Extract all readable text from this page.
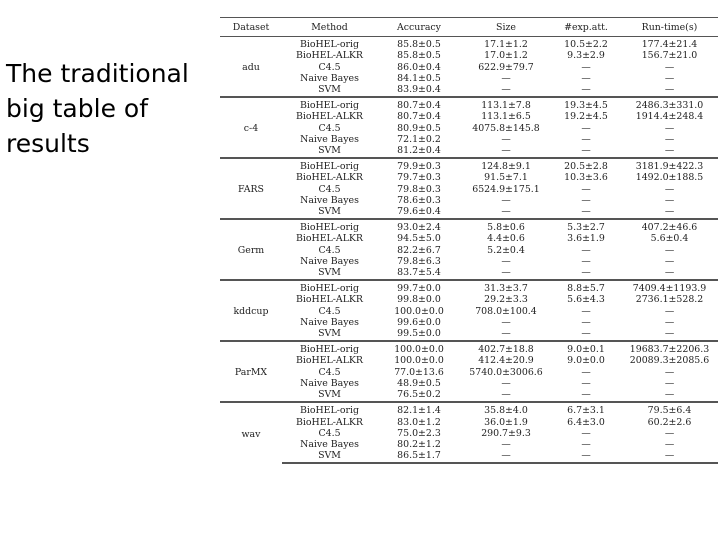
The traditional
big table of
results
Dataset	Method	Accuracy	Size	#exp.att.	Run-time(s)
adu	BioHEL-orig	85.8±0.5	17.1±1.2	10.5±2.2	177.4±21.4
	BioHEL-ALKR	85.8±0.5	17.0±1.2	9.3±2.9	156.7±21.0
	C4.5	86.0±0.4	622.9±79.7	—	—
	Naive Bayes	84.1±0.5	—	—	—
	SVM	83.9±0.4	—	—	—
c-4	BioHEL-orig	80.7±0.4	113.1±7.8	19.3±4.5	2486.3±331.0
	BioHEL-ALKR	80.7±0.4	113.1±6.5	19.2±4.5	1914.4±248.4
	C4.5	80.9±0.5	4075.8±145.8	—	—
	Naive Bayes	72.1±0.2	—	—	—
	SVM	81.2±0.4	—	—	—
FARS	BioHEL-orig	79.9±0.3	124.8±9.1	20.5±2.8	3181.9±422.3
	BioHEL-ALKR	79.7±0.3	91.5±7.1	10.3±3.6	1492.0±188.5
	C4.5	79.8±0.3	6524.9±175.1	—	—
	Naive Bayes	78.6±0.3	—	—	—
	SVM	79.6±0.4	—	—	—
Germ	BioHEL-orig	93.0±2.4	5.8±0.6	5.3±2.7	407.2±46.6
	BioHEL-ALKR	94.5±5.0	4.4±0.6	3.6±1.9	5.6±0.4
	C4.5	82.2±6.7	5.2±0.4	—	—
	Naive Bayes	79.8±6.3	—	—	—
	SVM	83.7±5.4	—	—	—
kddcup	BioHEL-orig	99.7±0.0	31.3±3.7	8.8±5.7	7409.4±1193.9
	BioHEL-ALKR	99.8±0.0	29.2±3.3	5.6±4.3	2736.1±528.2
	C4.5	100.0±0.0	708.0±100.4	—	—
	Naive Bayes	99.6±0.0	—	—	—
	SVM	99.5±0.0	—	—	—
ParMX	BioHEL-orig	100.0±0.0	402.7±18.8	9.0±0.1	19683.7±2206.3
	BioHEL-ALKR	100.0±0.0	412.4±20.9	9.0±0.0	20089.3±2085.6
	C4.5	77.0±13.6	5740.0±3006.6	—	—
	Naive Bayes	48.9±0.5	—	—	—
	SVM	76.5±0.2	—	—	—
wav	BioHEL-orig	82.1±1.4	35.8±4.0	6.7±3.1	79.5±6.4
	BioHEL-ALKR	83.0±1.2	36.0±1.9	6.4±3.0	60.2±2.6
	C4.5	75.0±2.3	290.7±9.3	—	—
	Naive Bayes	80.2±1.2	—	—	—
	SVM	86.5±1.7	—	—	—
